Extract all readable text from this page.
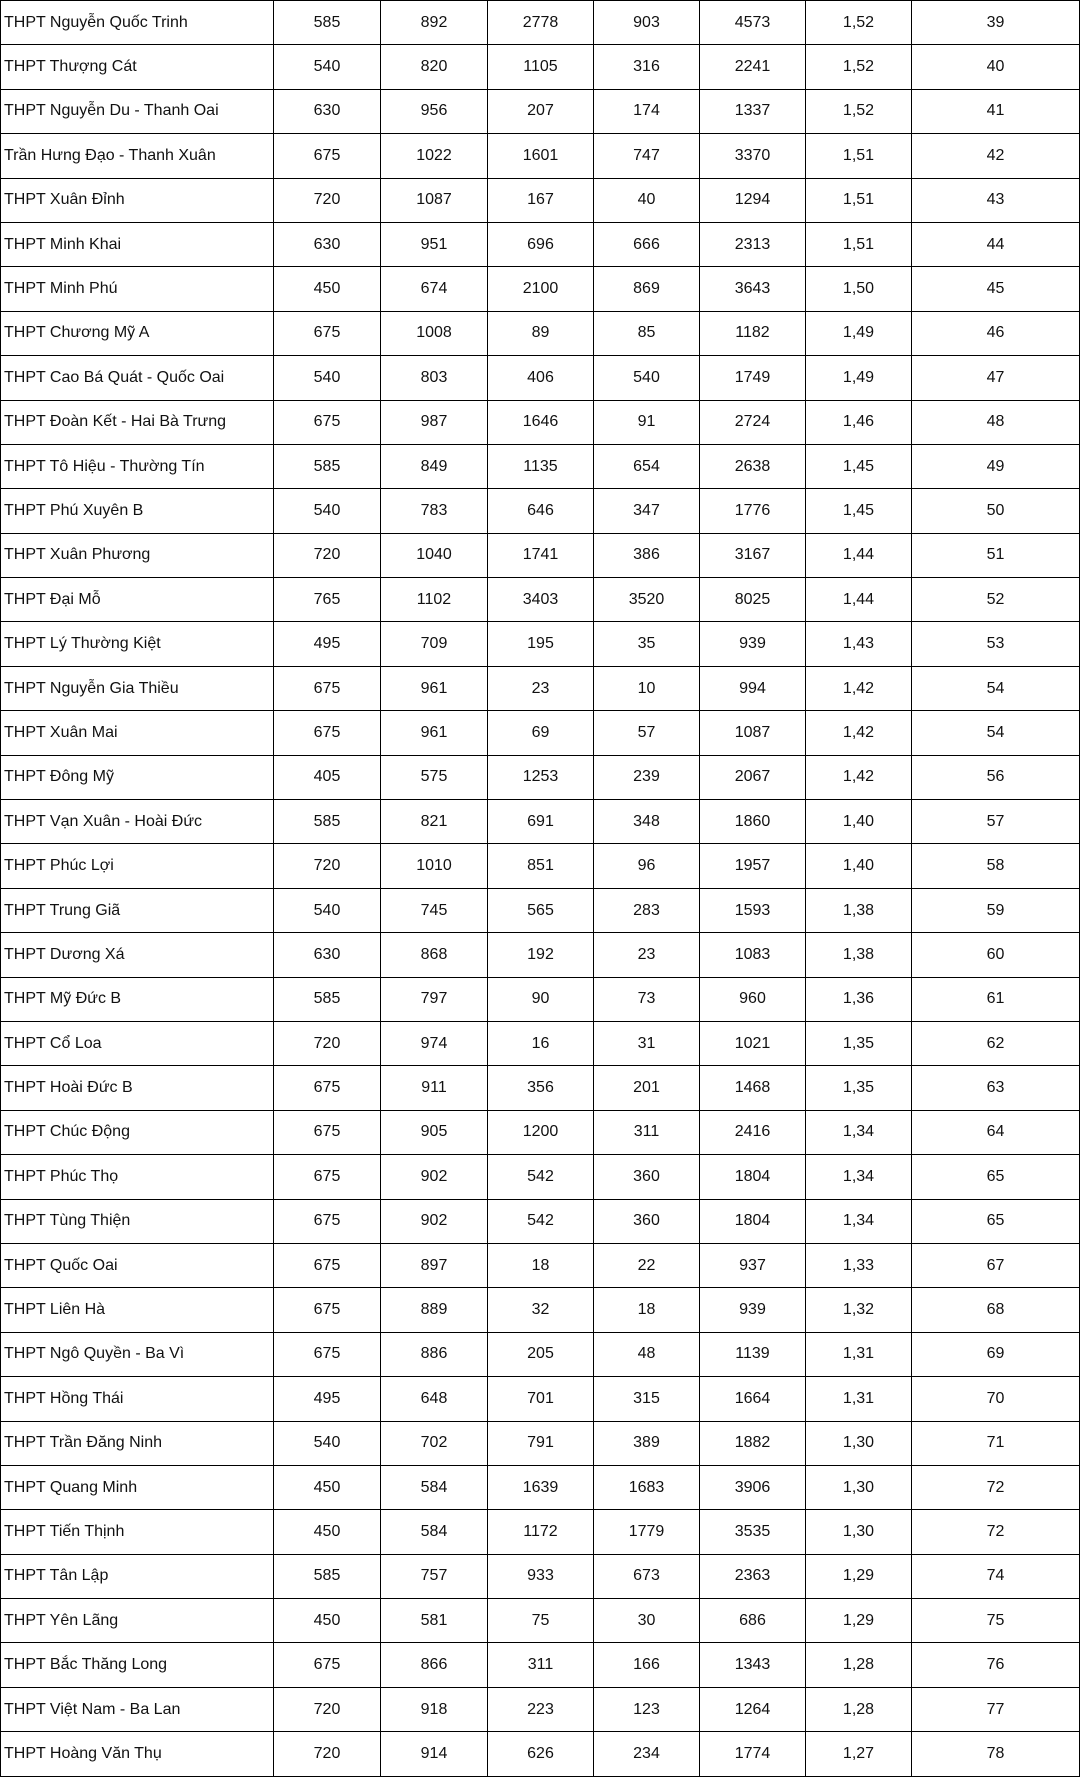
THPT Nguyễn Quốc Trinh	585	892	2778	903	4573	1,52	39
THPT Thượng Cát	540	820	1105	316	2241	1,52	40
THPT Nguyễn Du - Thanh Oai	630	956	207	174	1337	1,52	41
Trần Hưng Đạo - Thanh Xuân	675	1022	1601	747	3370	1,51	42
THPT Xuân Đỉnh	720	1087	167	40	1294	1,51	43
THPT Minh Khai	630	951	696	666	2313	1,51	44
THPT Minh Phú	450	674	2100	869	3643	1,50	45
THPT Chương Mỹ A	675	1008	89	85	1182	1,49	46
THPT Cao Bá Quát - Quốc Oai	540	803	406	540	1749	1,49	47
THPT Đoàn Kết - Hai Bà Trưng	675	987	1646	91	2724	1,46	48
THPT Tô Hiệu - Thường Tín	585	849	1135	654	2638	1,45	49
THPT Phú Xuyên B	540	783	646	347	1776	1,45	50
THPT Xuân Phương	720	1040	1741	386	3167	1,44	51
THPT Đại Mỗ	765	1102	3403	3520	8025	1,44	52
THPT Lý Thường Kiệt	495	709	195	35	939	1,43	53
THPT Nguyễn Gia Thiều	675	961	23	10	994	1,42	54
THPT Xuân Mai	675	961	69	57	1087	1,42	54
THPT Đông Mỹ	405	575	1253	239	2067	1,42	56
THPT Vạn Xuân - Hoài Đức	585	821	691	348	1860	1,40	57
THPT Phúc Lợi	720	1010	851	96	1957	1,40	58
THPT Trung Giã	540	745	565	283	1593	1,38	59
THPT Dương Xá	630	868	192	23	1083	1,38	60
THPT Mỹ Đức B	585	797	90	73	960	1,36	61
THPT Cổ Loa	720	974	16	31	1021	1,35	62
THPT Hoài Đức B	675	911	356	201	1468	1,35	63
THPT Chúc Động	675	905	1200	311	2416	1,34	64
THPT Phúc Thọ	675	902	542	360	1804	1,34	65
THPT Tùng Thiện	675	902	542	360	1804	1,34	65
THPT Quốc Oai	675	897	18	22	937	1,33	67
THPT Liên Hà	675	889	32	18	939	1,32	68
THPT Ngô Quyền - Ba Vì	675	886	205	48	1139	1,31	69
THPT Hồng Thái	495	648	701	315	1664	1,31	70
THPT Trần Đăng Ninh	540	702	791	389	1882	1,30	71
THPT Quang Minh	450	584	1639	1683	3906	1,30	72
THPT Tiến Thịnh	450	584	1172	1779	3535	1,30	72
THPT Tân Lập	585	757	933	673	2363	1,29	74
THPT Yên Lãng	450	581	75	30	686	1,29	75
THPT Bắc Thăng Long	675	866	311	166	1343	1,28	76
THPT Việt Nam - Ba Lan	720	918	223	123	1264	1,28	77
THPT Hoàng Văn Thụ	720	914	626	234	1774	1,27	78
